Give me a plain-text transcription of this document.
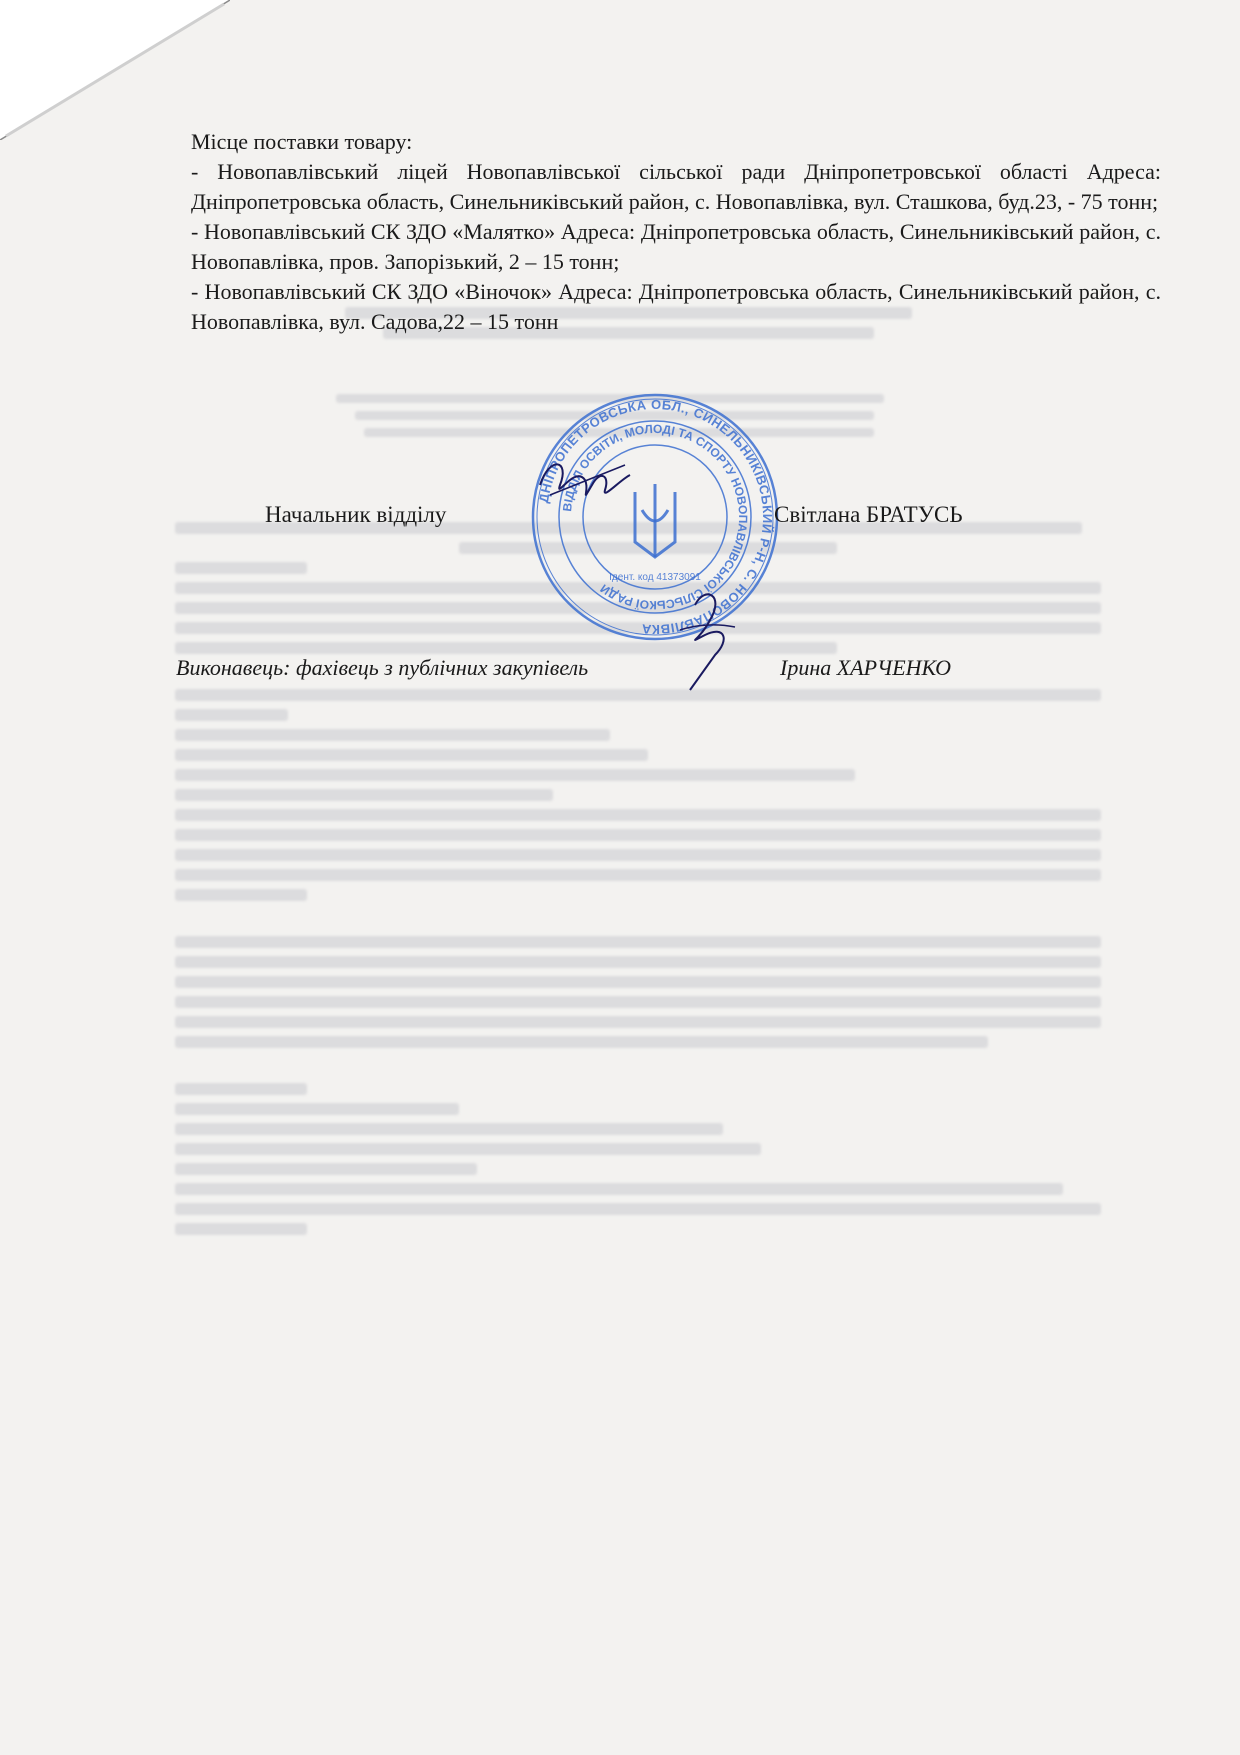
Місце поставки товару:

- Новопавлівський ліцей Новопавлівської сільської ради Дніпропетровської області Адреса: Дніпропетровська область, Синельниківський район, с. Новопавлівка, вул. Сташкова, буд.23, - 75 тонн;

- Новопавлівський СК ЗДО «Малятко» Адреса: Дніпропетровська область, Синельниківський район, с. Новопавлівка, пров. Запорізький, 2 – 15 тонн;

- Новопавлівський СК ЗДО «Віночок» Адреса: Дніпропетровська область, Синельниківський район, с. Новопавлівка, вул. Садова,22 – 15 тонн

ДНІПРОПЕТРОВСЬКА ОБЛ., СИНЕЛЬНИКІВСЬКИЙ Р-Н, С. НОВОПАВЛІВКА
ВІДДІЛ ОСВІТИ, МОЛОДІ ТА СПОРТУ НОВОПАВЛІВСЬКОЇ СІЛЬСЬКОЇ РАДИ
Ідент. код 41373091
Начальник відділу	Світлана БРАТУСЬ
Виконавець: фахівець з публічних закупівель	Ірина ХАРЧЕНКО
